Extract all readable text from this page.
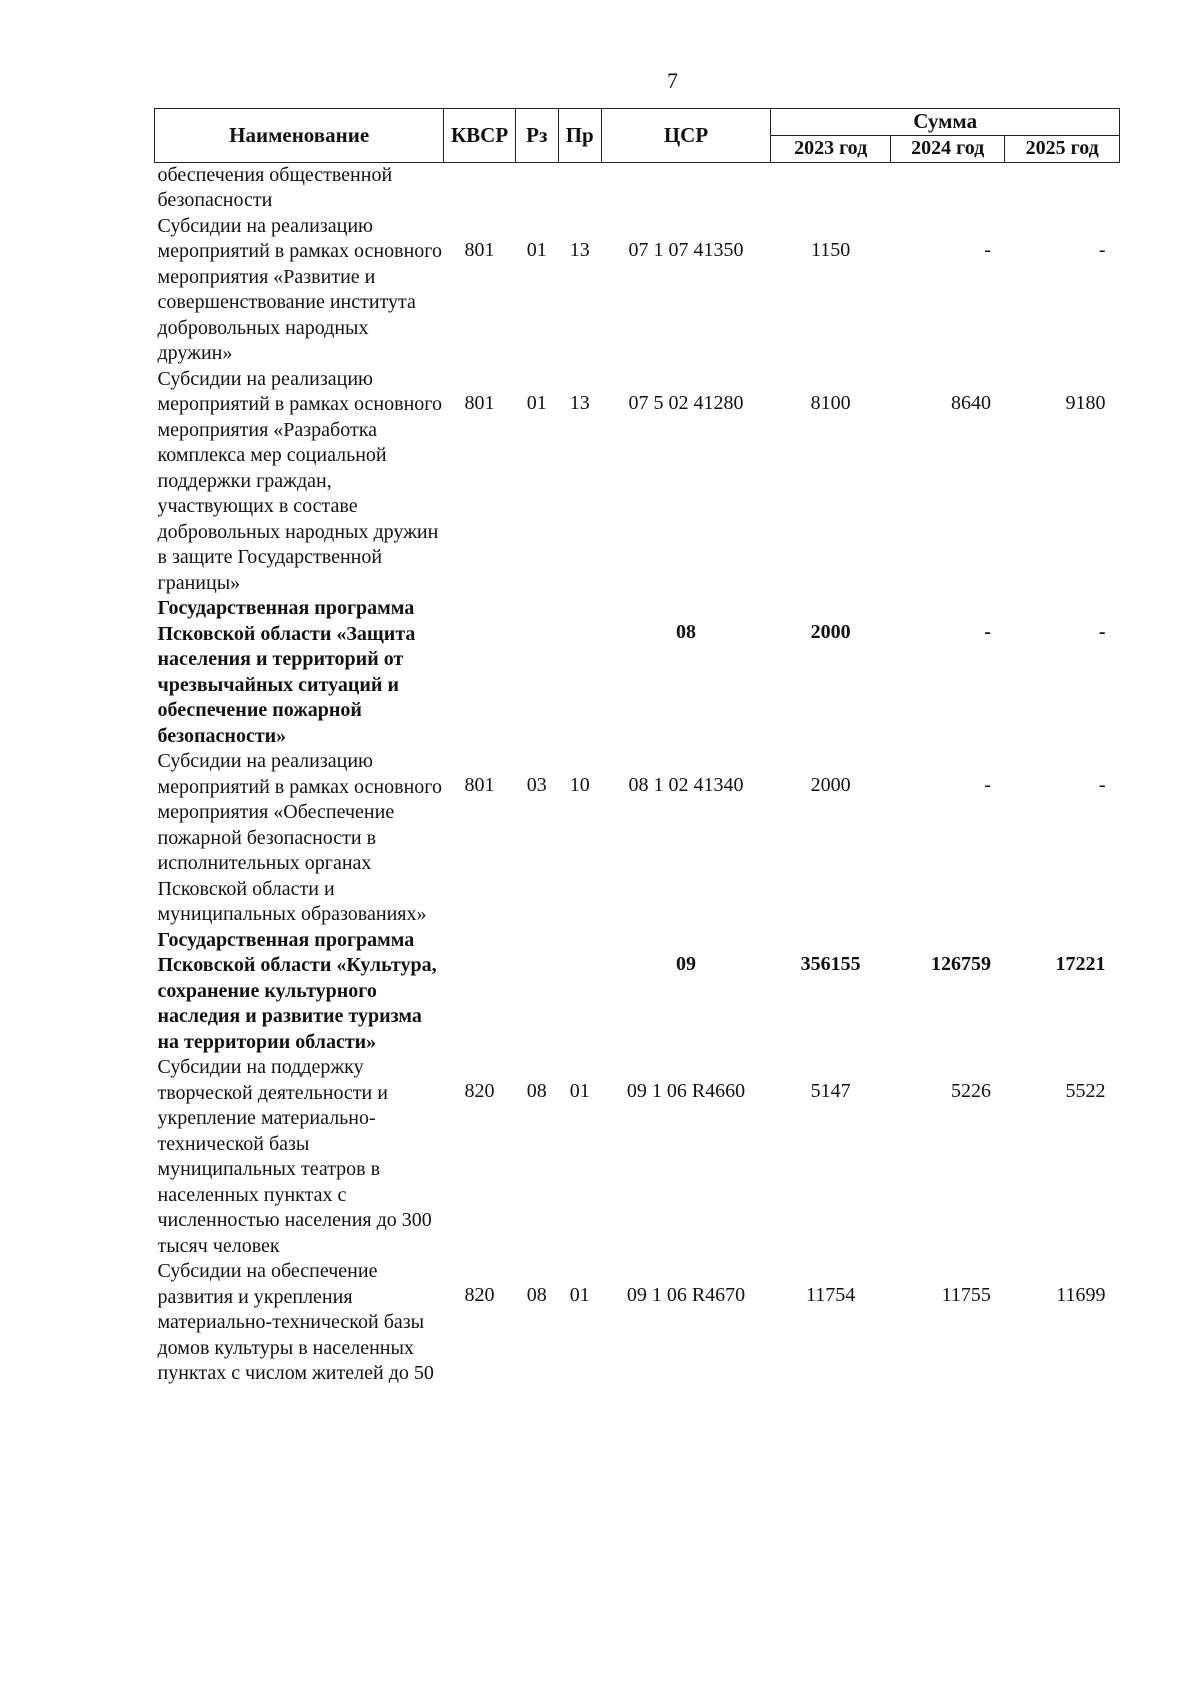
7
Наименование	КВСР	Рз	Пр	ЦСР	Сумма		
					2023 год	2024 год	2025 год
обеспечения общественной безопасности							
Субсидии на реализацию мероприятий в рамках основного мероприятия «Развитие и совершенствование института добровольных народных дружин»	801	01	13	07 1 07 41350	1150	-	-
Субсидии на реализацию мероприятий в рамках основного мероприятия «Разработка комплекса мер социальной поддержки граждан, участвующих в составе добровольных народных дружин в защите Государственной границы»	801	01	13	07 5 02 41280	8100	8640	9180
Государственная программа Псковской области «Защита населения и территорий от чрезвычайных ситуаций и обеспечение пожарной безопасности»				08	2000	-	-
Субсидии на реализацию мероприятий в рамках основного мероприятия «Обеспечение пожарной безопасности в исполнительных органах Псковской области и муниципальных образованиях»	801	03	10	08 1 02 41340	2000	-	-
Государственная программа Псковской области «Культура, сохранение культурного наследия и развитие туризма на территории области»				09	356155	126759	17221
Субсидии на поддержку творческой деятельности и укрепление материально-технической базы муниципальных театров в населенных пунктах с численностью населения до 300 тысяч человек	820	08	01	09 1 06 R4660	5147	5226	5522
Субсидии на обеспечение развития и укрепления материально-технической базы домов культуры в населенных пунктах с числом жителей до 50	820	08	01	09 1 06 R4670	11754	11755	11699
